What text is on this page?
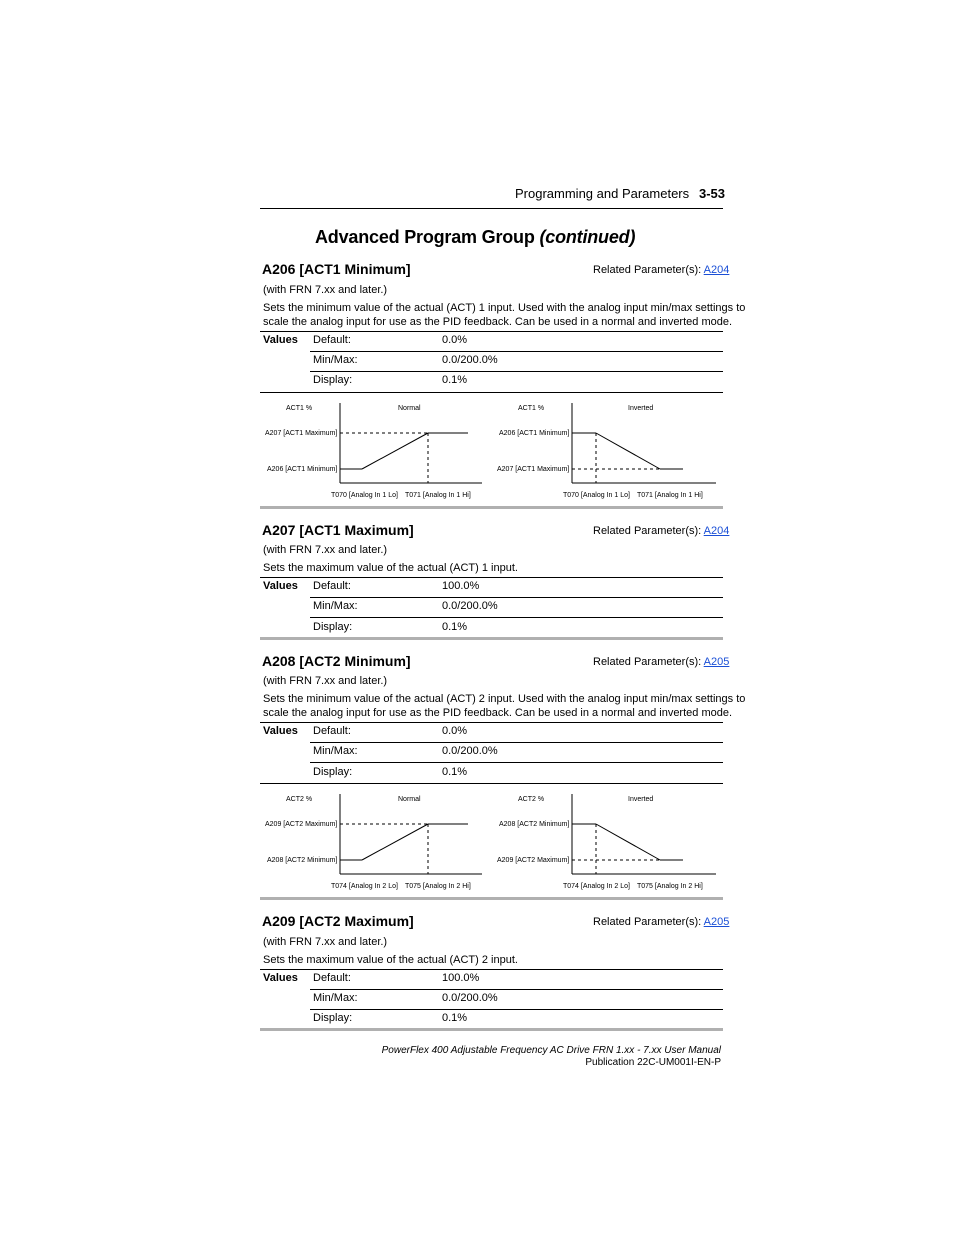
Programming and Parameters 3-53
Advanced Program Group (continued)
A206 [ACT1 Minimum]	Related Parameter(s): A204
(with FRN 7.xx and later.)
Sets the minimum value of the actual (ACT) 1 input. Used with the analog input min/max settings to
scale the analog input for use as the PID feedback. Can be used in a normal and inverted mode.
Values Default:	0.0%
Min/Max:	0.0/200.0%
Display:	0.1%
ACT1 %	Normal
A207 [ACT1 Maximum]
A206 [ACT1 Minimum]
T070 [Analog In 1 Lo] T071 [Analog In 1 Hi]
ACT1 %	Inverted
A206 [ACT1 Minimum]
A207 [ACT1 Maximum]
T070 [Analog In 1 Lo] T071 [Analog In 1 Hi]
A207 [ACT1 Maximum]	Related Parameter(s): A204
(with FRN 7.xx and later.)
Sets the maximum value of the actual (ACT) 1 input.
Values Default:	100.0%
Min/Max:	0.0/200.0%
Display:	0.1%
A208 [ACT2 Minimum]	Related Parameter(s): A205
(with FRN 7.xx and later.)
Sets the minimum value of the actual (ACT) 2 input. Used with the analog input min/max settings to
scale the analog input for use as the PID feedback. Can be used in a normal and inverted mode.
Values Default:	0.0%
Min/Max:	0.0/200.0%
Display:	0.1%
ACT2 %	Normal
A209 [ACT2 Maximum]
A208 [ACT2 Minimum]
T074 [Analog In 2 Lo] T075 [Analog In 2 Hi]
ACT2 %	Inverted
A208 [ACT2 Minimum]
A209 [ACT2 Maximum]
T074 [Analog In 2 Lo] T075 [Analog In 2 Hi]
A209 [ACT2 Maximum]	Related Parameter(s): A205
(with FRN 7.xx and later.)
Sets the maximum value of the actual (ACT) 2 input.
Values Default:	100.0%
Min/Max:	0.0/200.0%
Display:	0.1%
PowerFlex 400 Adjustable Frequency AC Drive FRN 1.xx - 7.xx User Manual
Publication 22C-UM001I-EN-P
